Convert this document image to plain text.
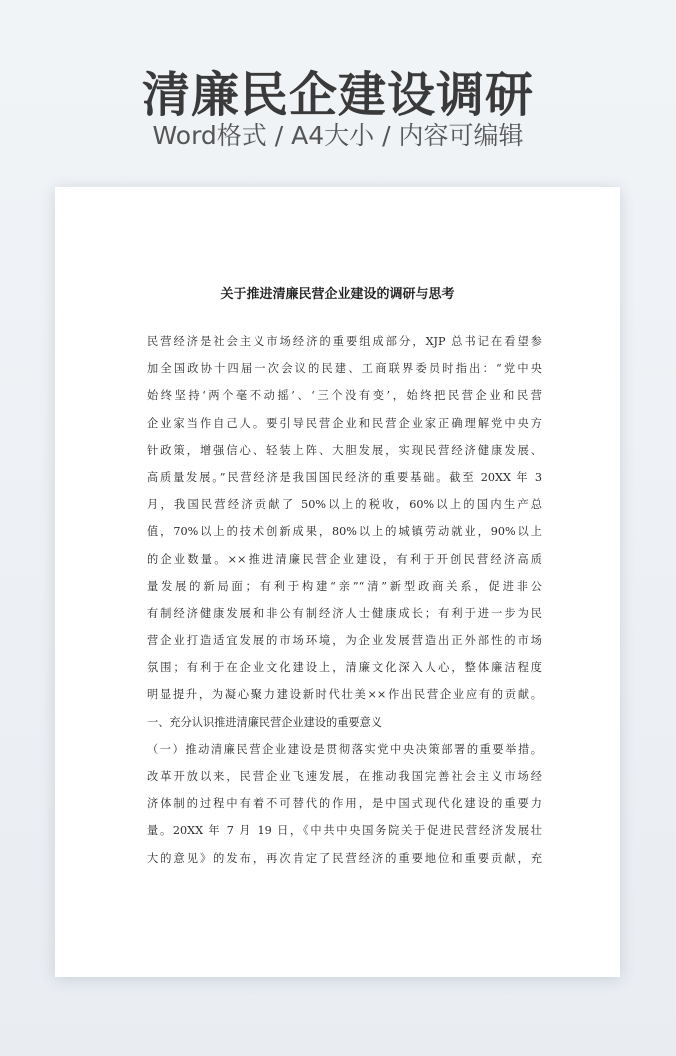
清廉民企建设调研
Word格式 / A4大小 / 内容可编辑
关于推进清廉民营企业建设的调研与思考
民营经济是社会主义市场经济的重要组成部分，XJP 总书记在看望参
加全国政协十四届一次会议的民建、工商联界委员时指出：“党中央
始终坚持‘两个毫不动摇’、‘三个没有变’，始终把民营企业和民营
企业家当作自己人。要引导民营企业和民营企业家正确理解党中央方
针政策，增强信心、轻装上阵、大胆发展，实现民营经济健康发展、
高质量发展。”民营经济是我国国民经济的重要基础。截至 20XX 年 3
月，我国民营经济贡献了 50%以上的税收，60%以上的国内生产总
值，70%以上的技术创新成果，80%以上的城镇劳动就业，90%以上
的企业数量。××推进清廉民营企业建设，有利于开创民营经济高质
量发展的新局面；有利于构建“亲”“清”新型政商关系，促进非公
有制经济健康发展和非公有制经济人士健康成长；有利于进一步为民
营企业打造适宜发展的市场环境，为企业发展营造出正外部性的市场
氛围；有利于在企业文化建设上，清廉文化深入人心，整体廉洁程度
明显提升，为凝心聚力建设新时代壮美××作出民营企业应有的贡献。
一、充分认识推进清廉民营企业建设的重要意义
（一）推动清廉民营企业建设是贯彻落实党中央决策部署的重要举措。
改革开放以来，民营企业飞速发展，在推动我国完善社会主义市场经
济体制的过程中有着不可替代的作用，是中国式现代化建设的重要力
量。20XX 年 7 月 19 日，《中共中央国务院关于促进民营经济发展壮
大的意见》的发布，再次肯定了民营经济的重要地位和重要贡献，充
